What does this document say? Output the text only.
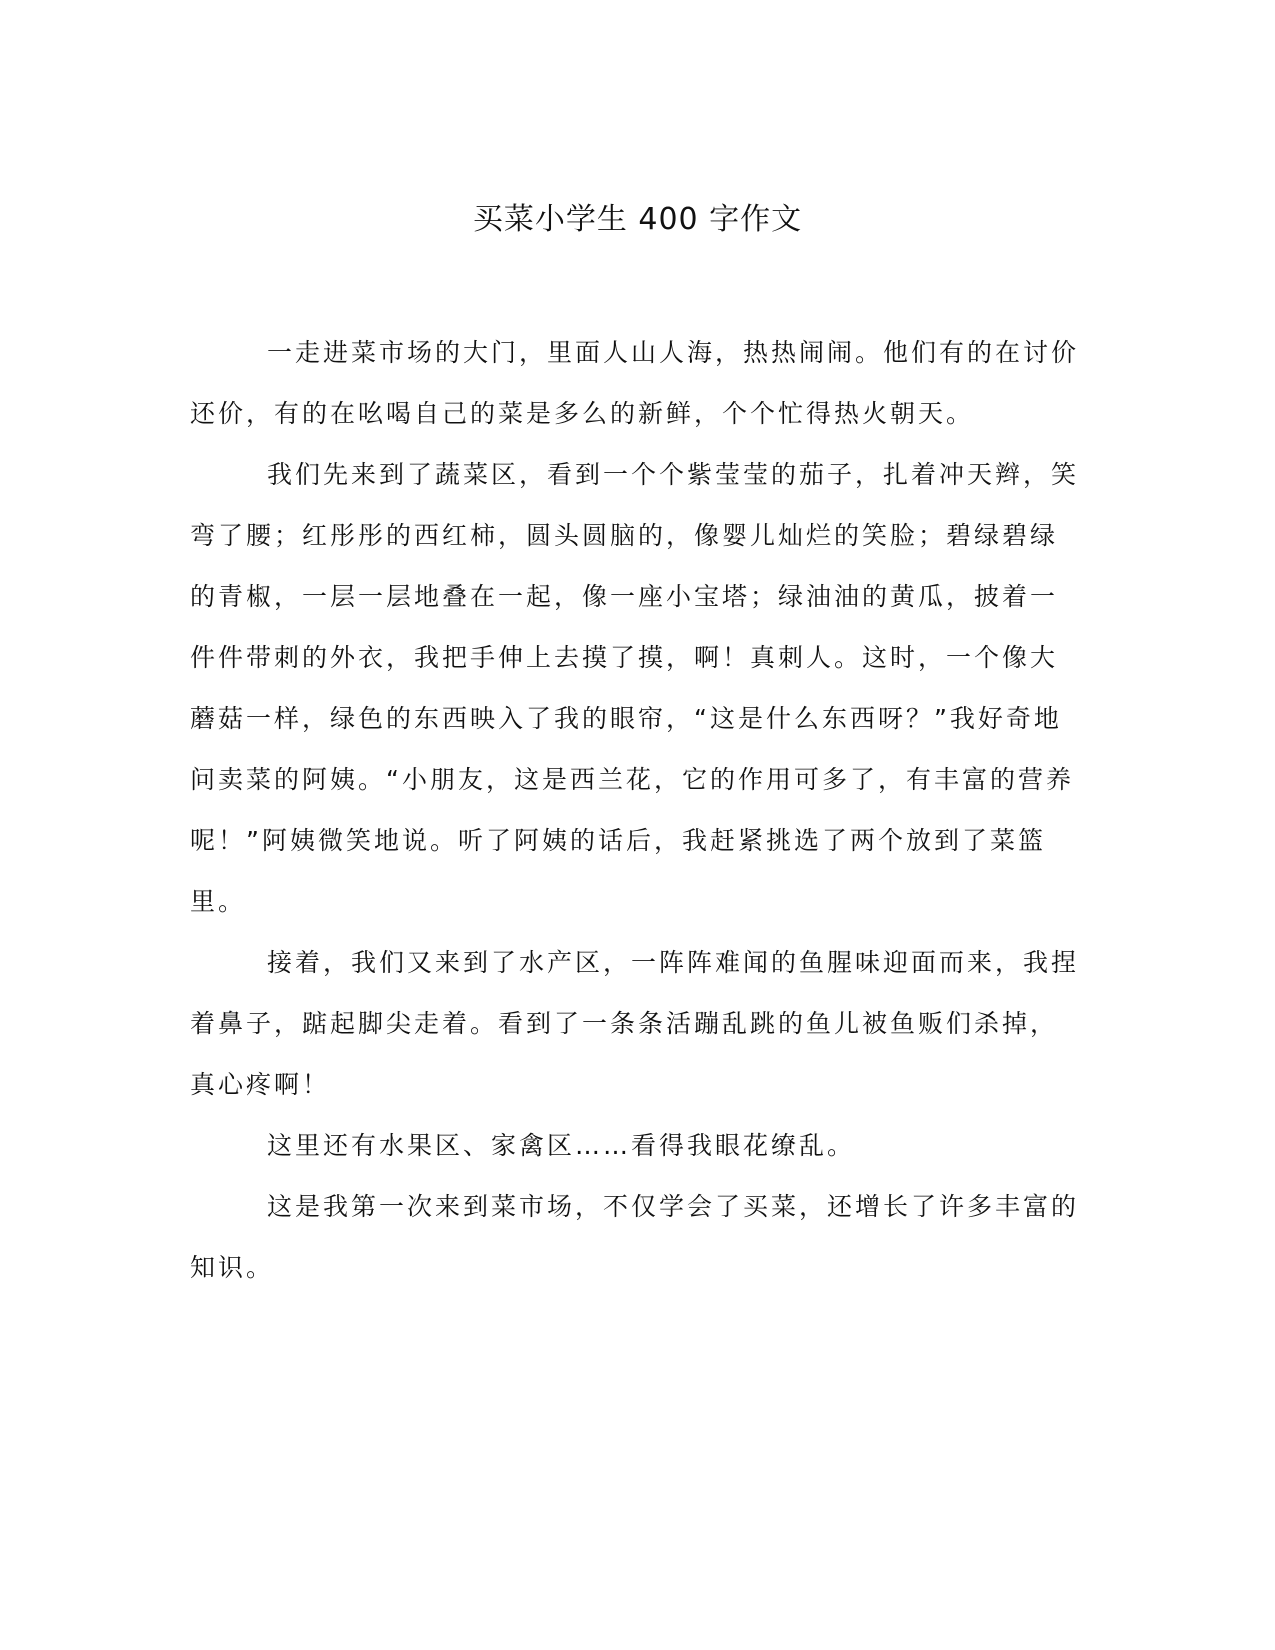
买菜小学生 400 字作文

一走进菜市场的大门，里面人山人海，热热闹闹。他们有的在讨价还价，有的在吆喝自己的菜是多么的新鲜，个个忙得热火朝天。

我们先来到了蔬菜区，看到一个个紫莹莹的茄子，扎着冲天辫，笑弯了腰；红彤彤的西红柿，圆头圆脑的，像婴儿灿烂的笑脸；碧绿碧绿的青椒，一层一层地叠在一起，像一座小宝塔；绿油油的黄瓜，披着一件件带刺的外衣，我把手伸上去摸了摸，啊！真刺人。这时，一个像大蘑菇一样，绿色的东西映入了我的眼帘，“这是什么东西呀？”我好奇地问卖菜的阿姨。“小朋友，这是西兰花，它的作用可多了，有丰富的营养呢！”阿姨微笑地说。听了阿姨的话后，我赶紧挑选了两个放到了菜篮里。

接着，我们又来到了水产区，一阵阵难闻的鱼腥味迎面而来，我捏着鼻子，踮起脚尖走着。看到了一条条活蹦乱跳的鱼儿被鱼贩们杀掉，真心疼啊！

这里还有水果区、家禽区……看得我眼花缭乱。

这是我第一次来到菜市场，不仅学会了买菜，还增长了许多丰富的知识。
